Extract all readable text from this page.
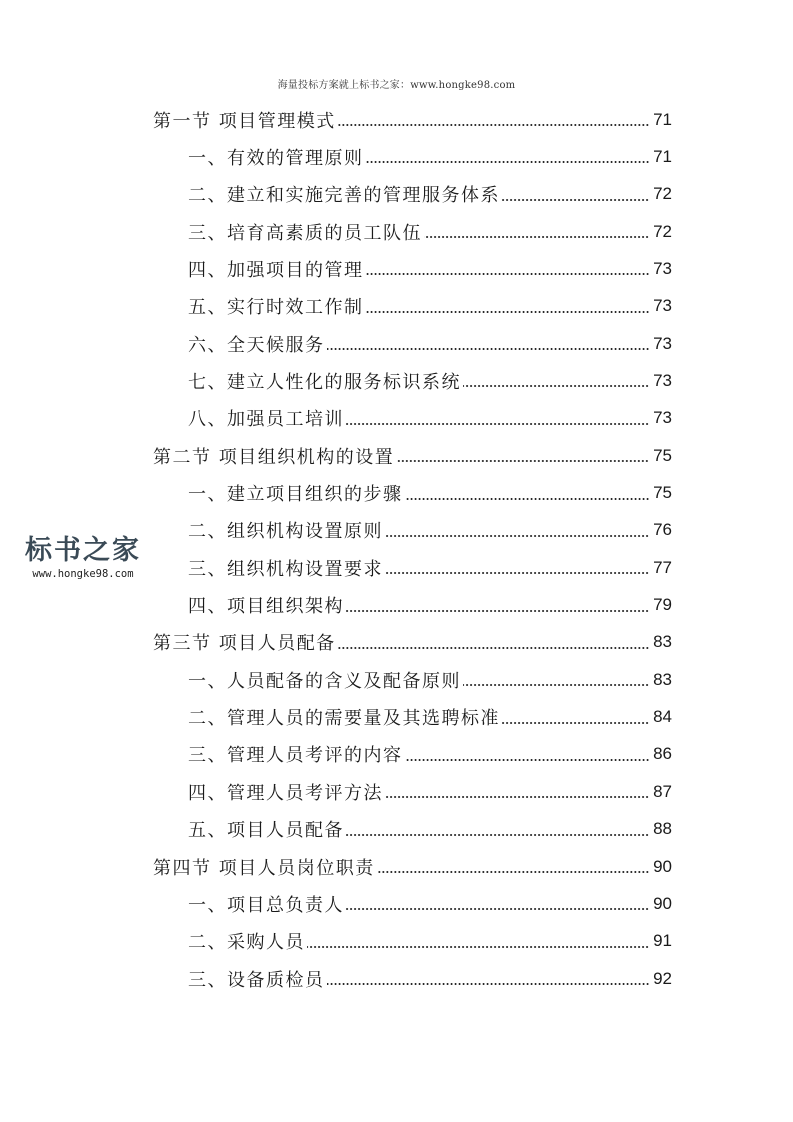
海量投标方案就上标书之家：www.hongke98.com
标书之家
www.hongke98.com
第一节 项目管理模式	71
一、有效的管理原则	71
二、建立和实施完善的管理服务体系	72
三、培育高素质的员工队伍	72
四、加强项目的管理	73
五、实行时效工作制	73
六、全天候服务	73
七、建立人性化的服务标识系统	73
八、加强员工培训	73
第二节 项目组织机构的设置	75
一、建立项目组织的步骤	75
二、组织机构设置原则	76
三、组织机构设置要求	77
四、项目组织架构	79
第三节 项目人员配备	83
一、人员配备的含义及配备原则	83
二、管理人员的需要量及其选聘标准	84
三、管理人员考评的内容	86
四、管理人员考评方法	87
五、项目人员配备	88
第四节 项目人员岗位职责	90
一、项目总负责人	90
二、采购人员	91
三、设备质检员	92
